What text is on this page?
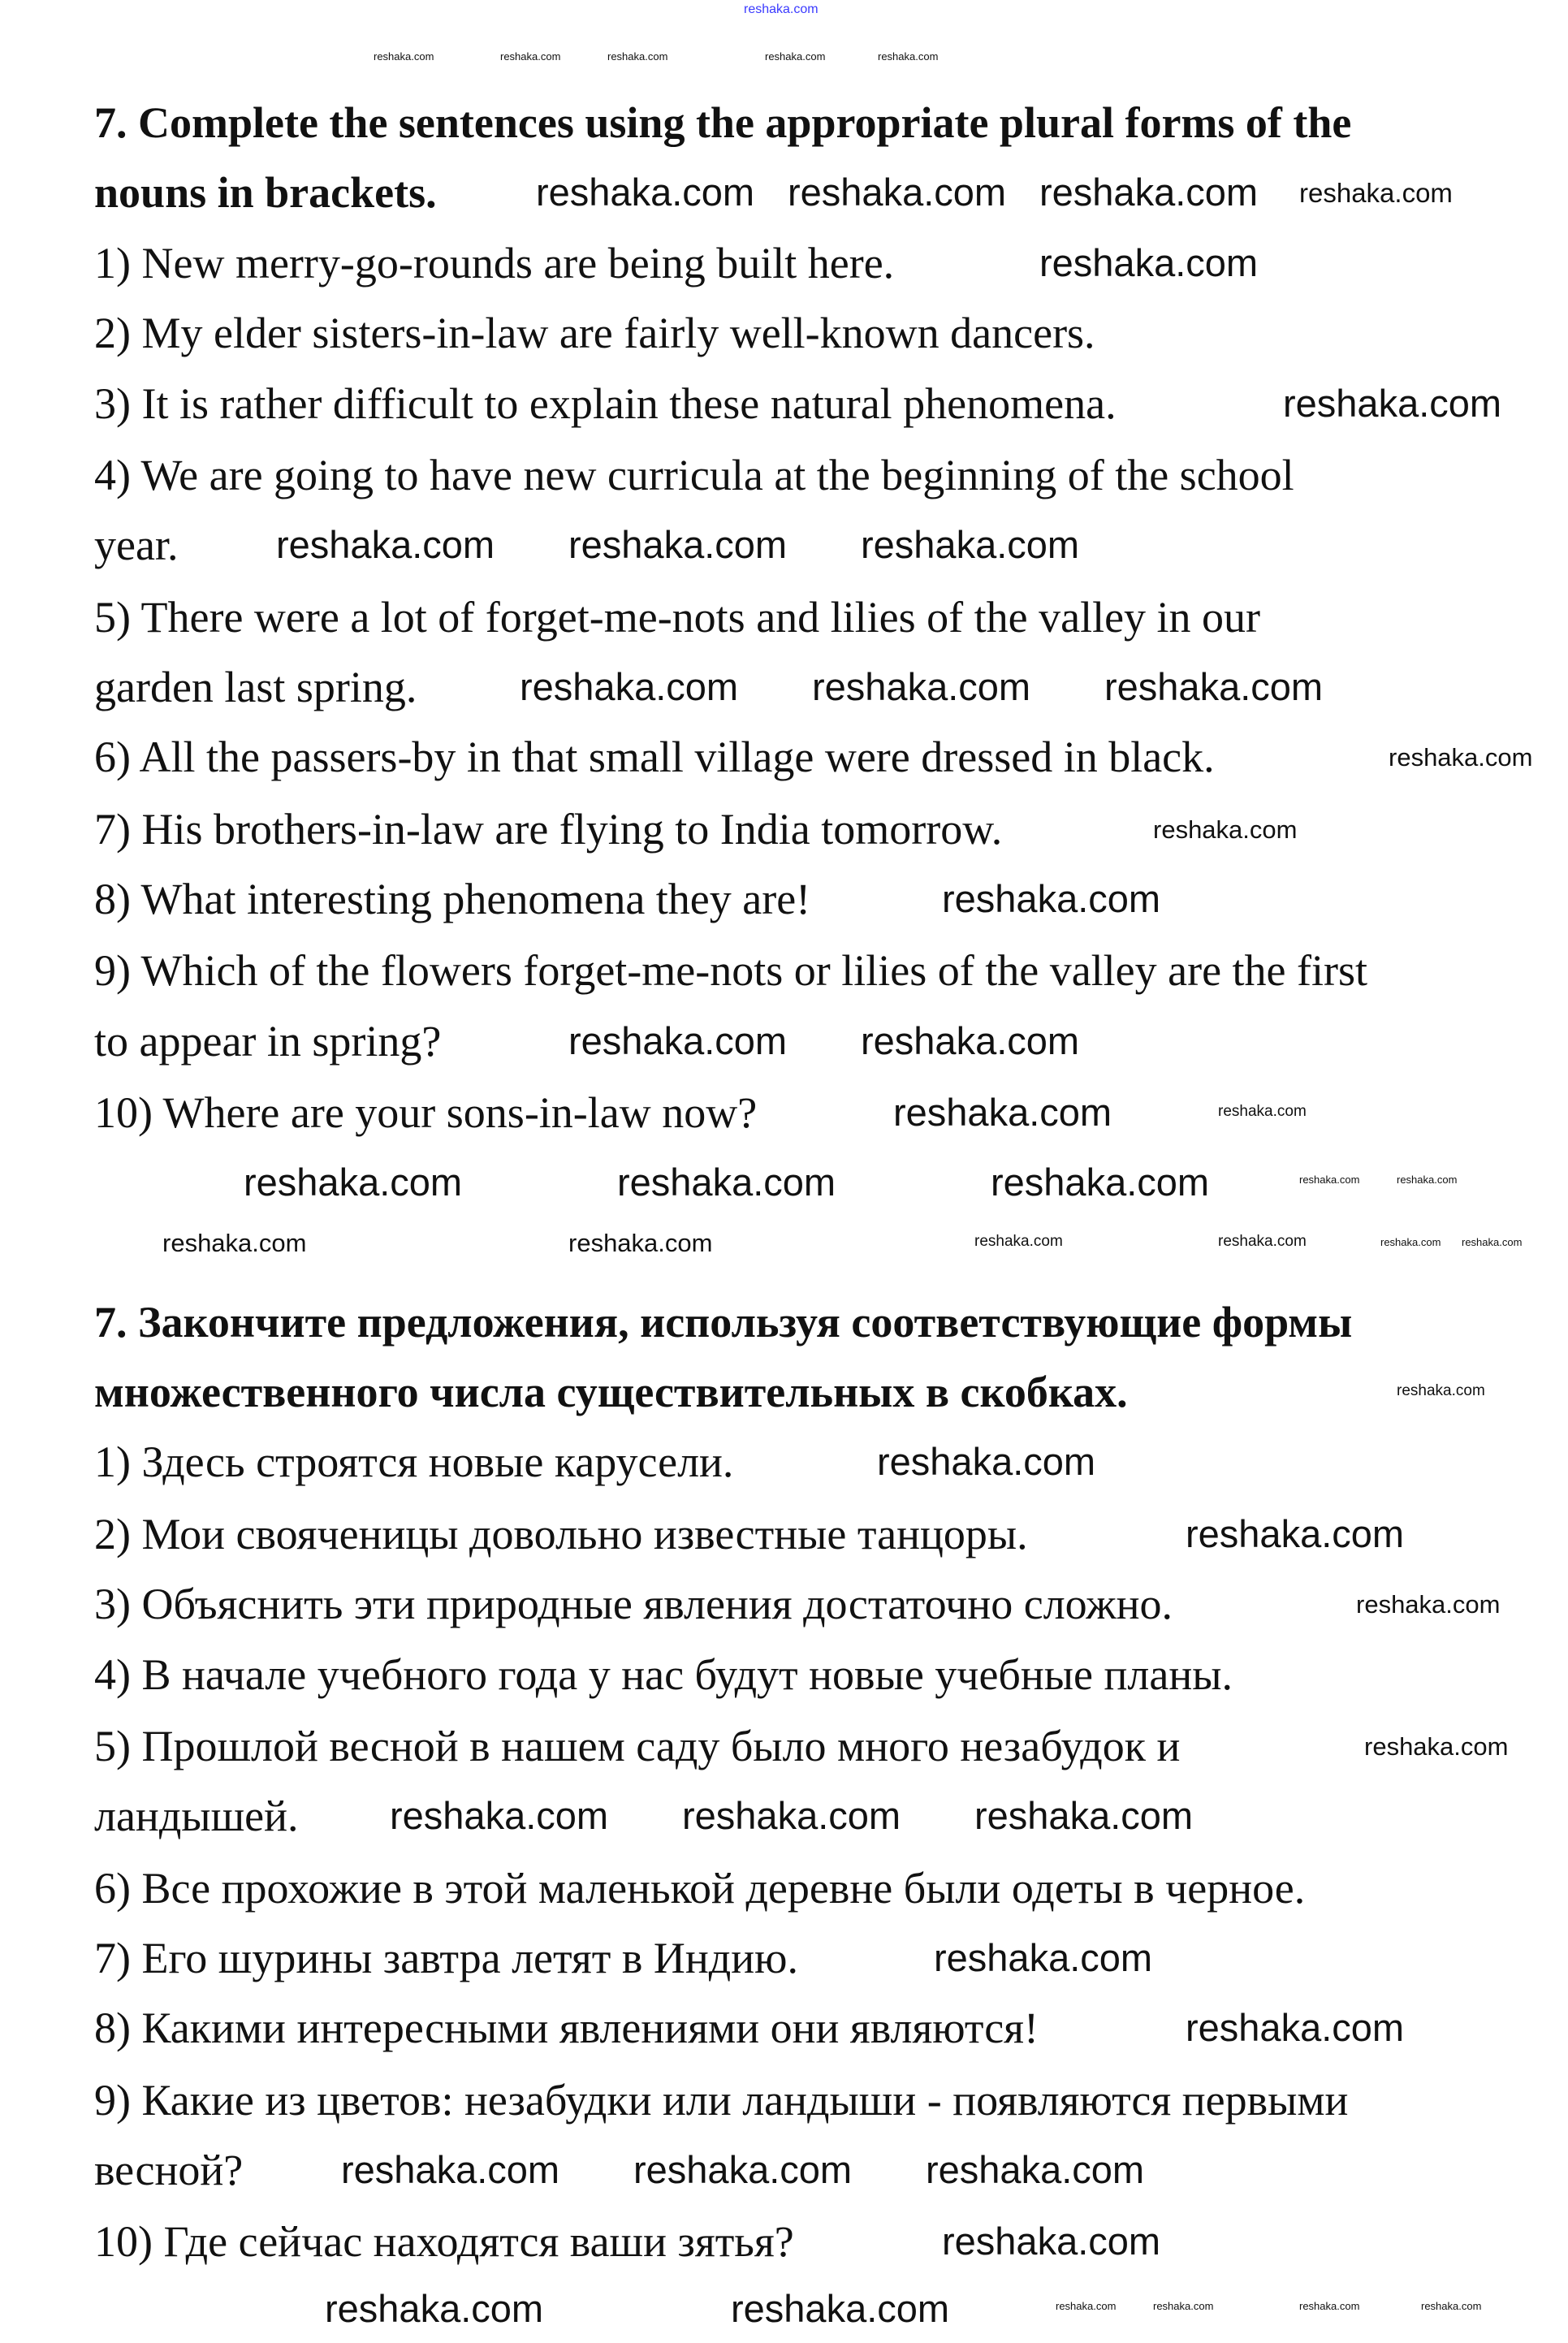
7. Complete the sentences using the appropriate plural forms of the
nouns in brackets.
1) New merry-go-rounds are being built here.
2) My elder sisters-in-law are fairly well-known dancers.
3) It is rather difficult to explain these natural phenomena.
4) We are going to have new curricula at the beginning of the school
year.
5) There were a lot of forget-me-nots and lilies of the valley in our
garden last spring.
6) All the passers-by in that small village were dressed in black.
7) His brothers-in-law are flying to India tomorrow.
8) What interesting phenomena they are!
9) Which of the flowers forget-me-nots or lilies of the valley are the first
to appear in spring?
10) Where are your sons-in-law now?
7. Закончите предложения, используя соответствующие формы
множественного числа существительных в скобках.
1) Здесь строятся новые карусели.
2) Мои свояченицы довольно известные танцоры.
3) Объяснить эти природные явления достаточно сложно.
4) В начале учебного года у нас будут новые учебные планы.
5) Прошлой весной в нашем саду было много незабудок и
ландышей.
6) Все прохожие в этой маленькой деревне были одеты в черное.
7) Его шурины завтра летят в Индию.
8) Какими интересными явлениями они являются!
9) Какие из цветов: незабудки или ландыши - появляются первыми
весной?
10) Где сейчас находятся ваши зятья?
reshaka.com
reshaka.com	reshaka.com	reshaka.com	reshaka.com	reshaka.com
reshaka.com reshaka.com reshaka.com reshaka.com
reshaka.com
reshaka.com
reshaka.com reshaka.com reshaka.com
reshaka.com reshaka.com reshaka.com
reshaka.com
reshaka.com
reshaka.com
reshaka.com reshaka.com
reshaka.com	reshaka.com
reshaka.com	reshaka.com	reshaka.com	reshaka.com	reshaka.com
reshaka.com	reshaka.com	reshaka.com	reshaka.com	reshaka.com reshaka.com
reshaka.com
reshaka.com
reshaka.com
reshaka.com
reshaka.com
reshaka.com reshaka.com reshaka.com
reshaka.com
reshaka.com
reshaka.com reshaka.com reshaka.com
reshaka.com
reshaka.com	reshaka.com	reshaka.com	reshaka.com	reshaka.com	reshaka.com
